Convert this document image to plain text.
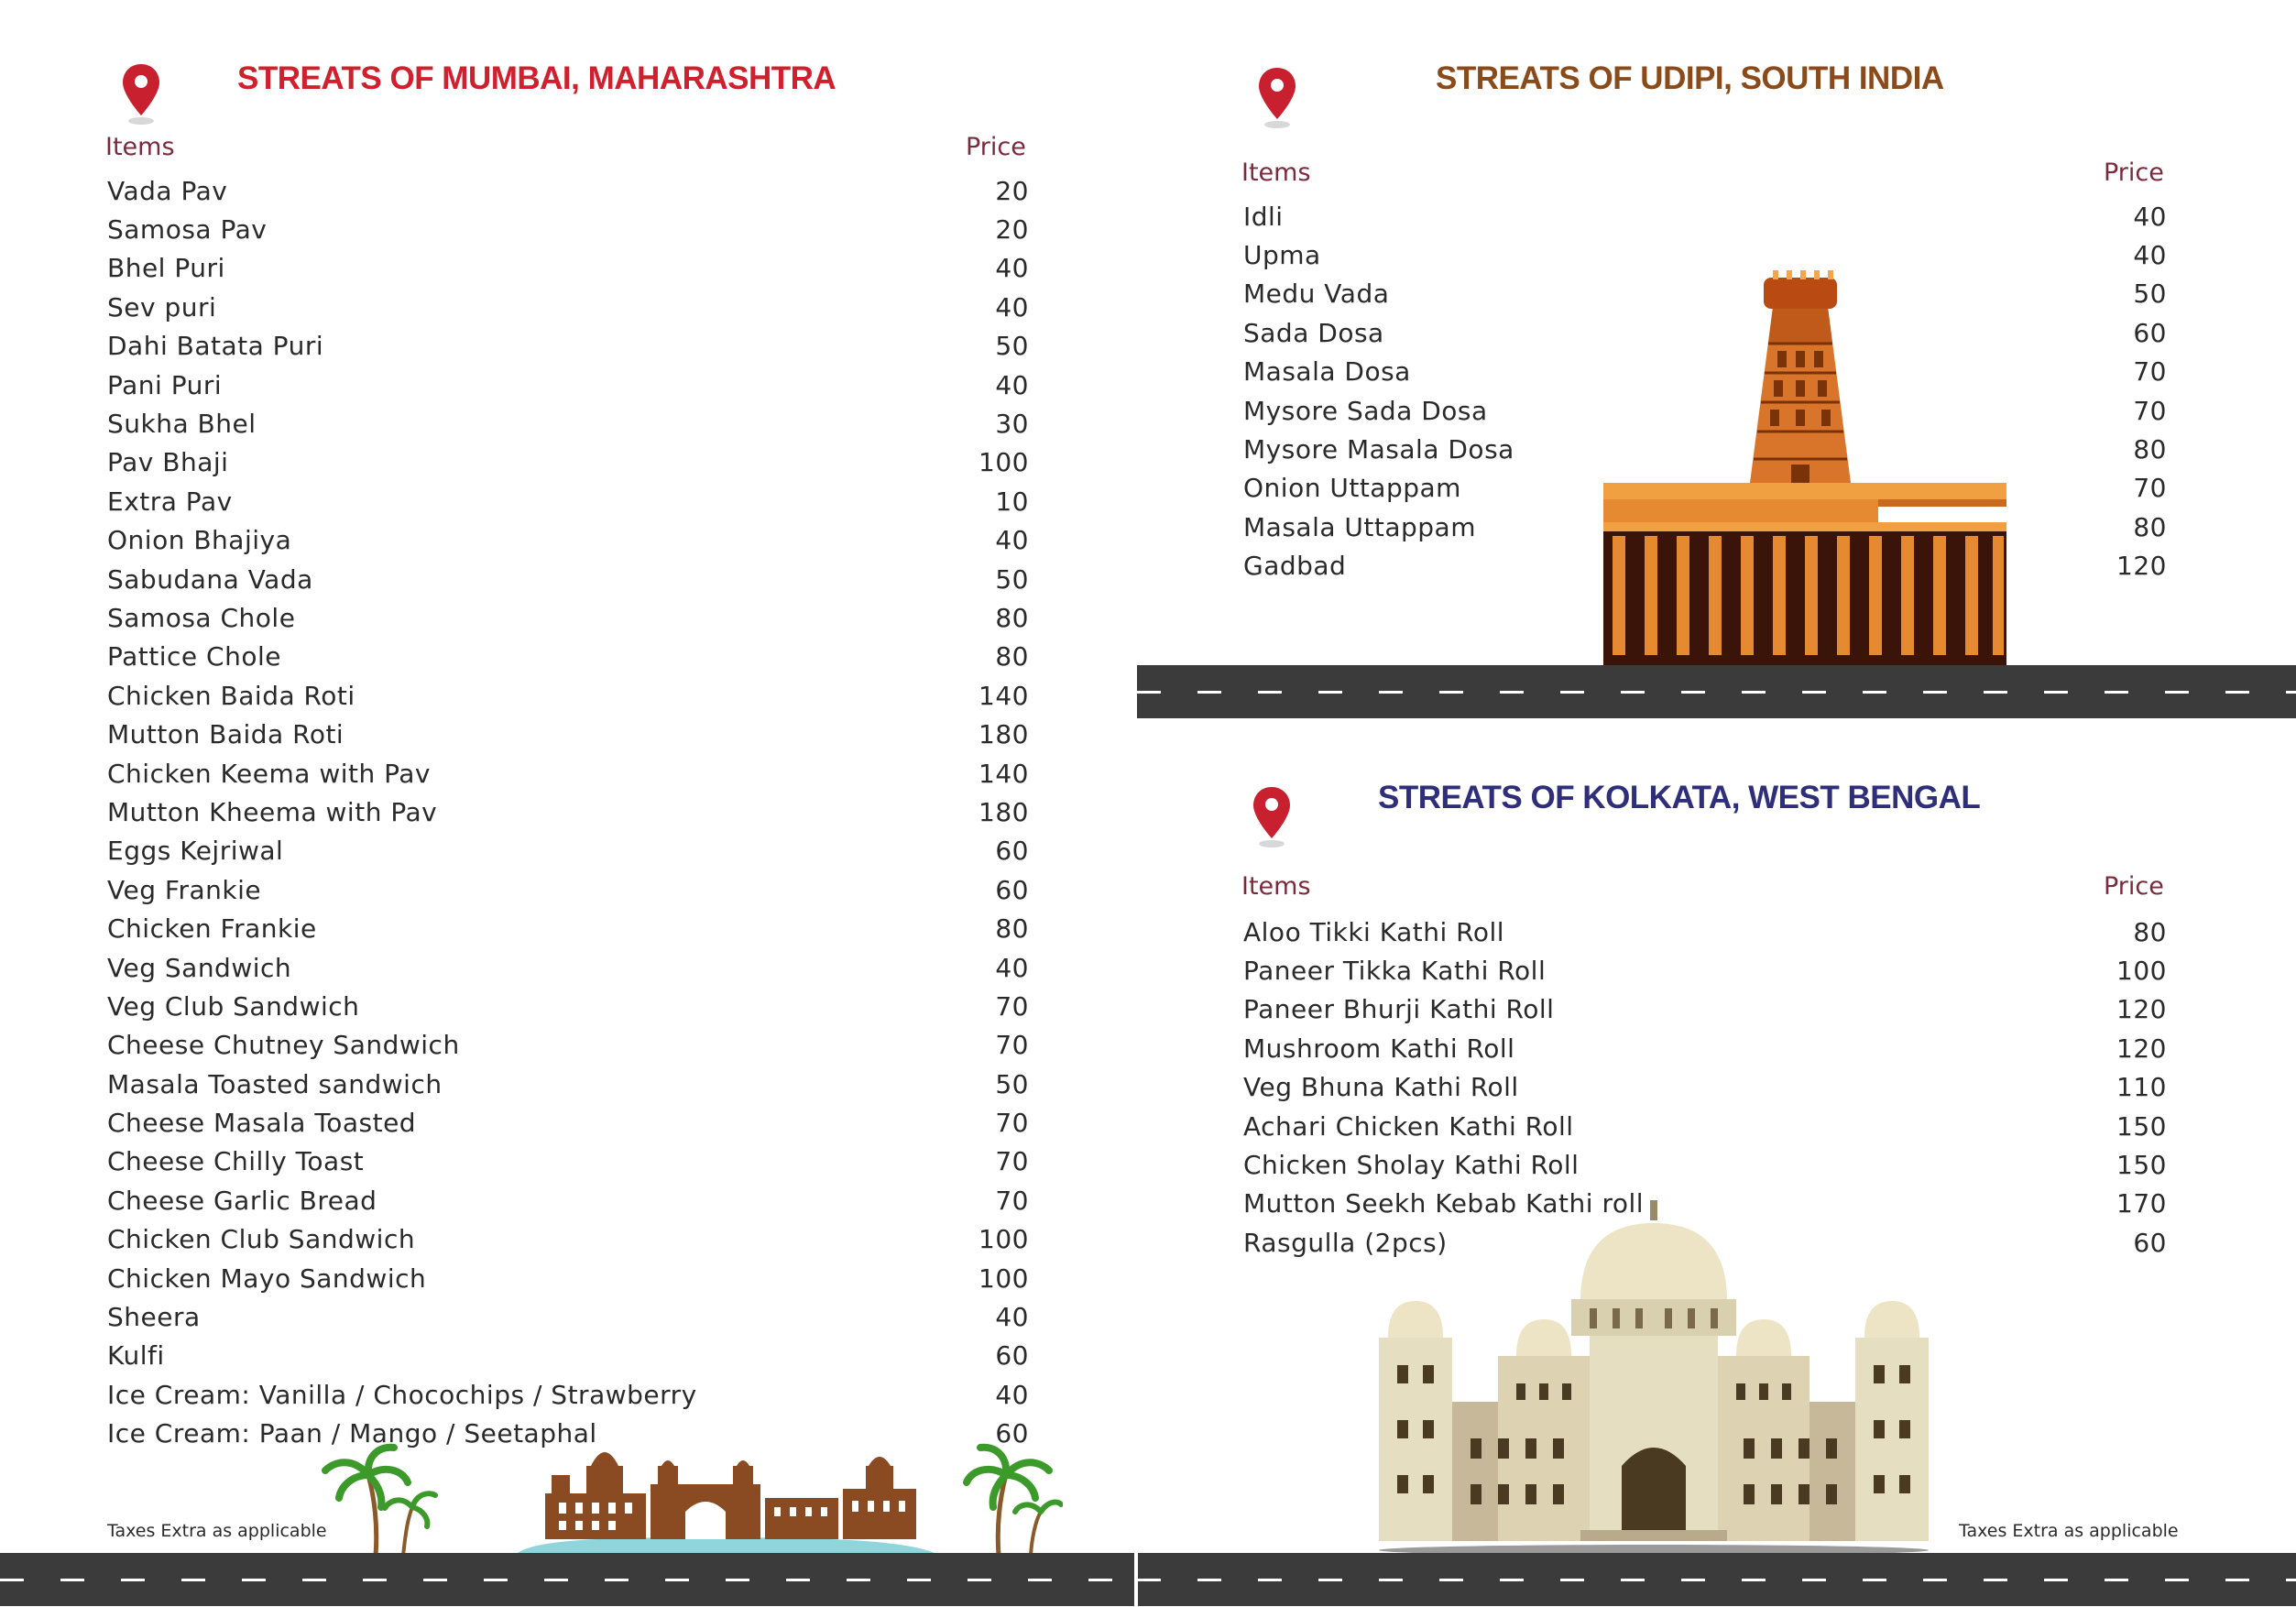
STREATS OF MUMBAI, MAHARASHTRA
Items	Price
Vada Pav	20
Samosa Pav	20
Bhel Puri	40
Sev puri	40
Dahi Batata Puri	50
Pani Puri	40
Sukha Bhel	30
Pav Bhaji	100
Extra Pav	10
Onion Bhajiya	40
Sabudana Vada	50
Samosa Chole	80
Pattice Chole	80
Chicken Baida Roti	140
Mutton Baida Roti	180
Chicken Keema with Pav	140
Mutton Kheema with Pav	180
Eggs Kejriwal	60
Veg Frankie	60
Chicken Frankie	80
Veg Sandwich	40
Veg Club Sandwich	70
Cheese Chutney Sandwich	70
Masala Toasted sandwich	50
Cheese Masala Toasted	70
Cheese Chilly Toast	70
Cheese Garlic Bread	70
Chicken Club Sandwich	100
Chicken Mayo Sandwich	100
Sheera	40
Kulfi	60
Ice Cream: Vanilla / Chocochips / Strawberry	40
Ice Cream: Paan / Mango / Seetaphal	60
Taxes Extra as applicable
STREATS OF UDIPI, SOUTH INDIA
Items	Price
Idli	40
Upma	40
Medu Vada	50
Sada Dosa	60
Masala Dosa	70
Mysore Sada Dosa	70
Mysore Masala Dosa	80
Onion Uttappam	70
Masala Uttappam	80
Gadbad	120
STREATS OF KOLKATA, WEST BENGAL
Items	Price
Aloo Tikki Kathi Roll	80
Paneer Tikka Kathi Roll	100
Paneer Bhurji Kathi Roll	120
Mushroom Kathi Roll	120
Veg Bhuna Kathi Roll	110
Achari Chicken Kathi Roll	150
Chicken Sholay Kathi Roll	150
Mutton Seekh Kebab Kathi roll	170
Rasgulla (2pcs)	60
Taxes Extra as applicable
